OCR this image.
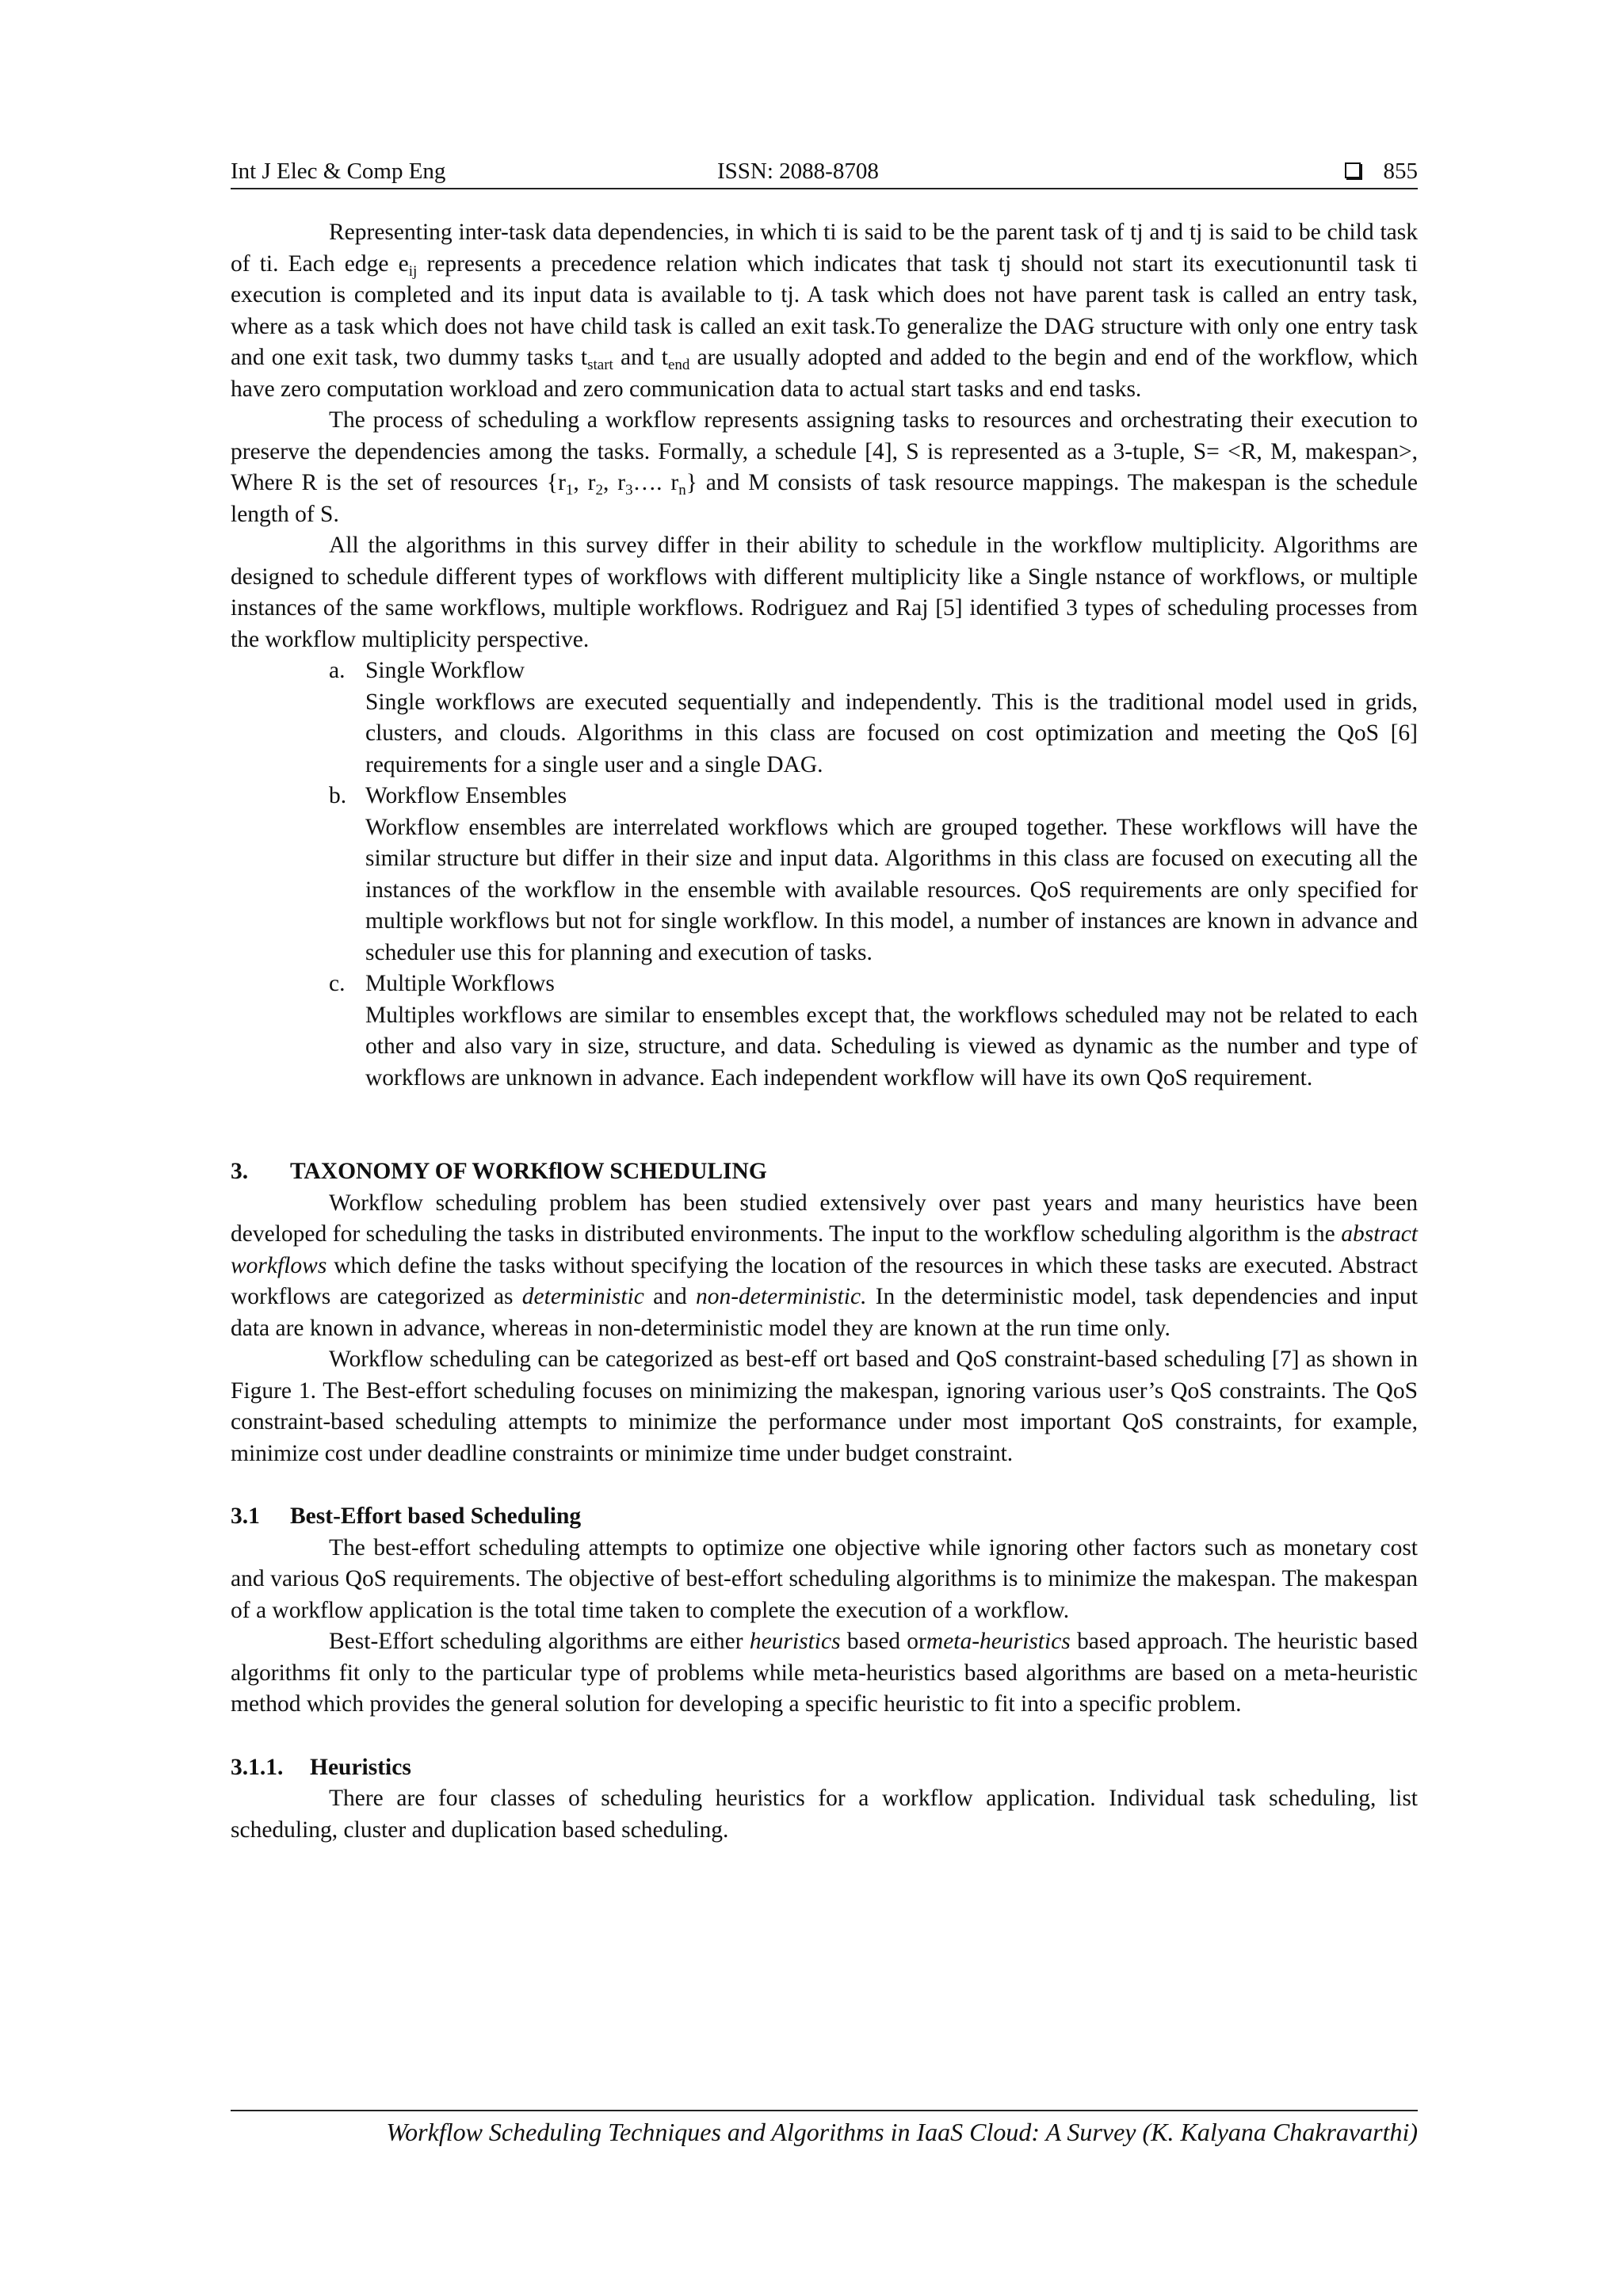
Int J Elec & Comp Eng	ISSN: 2088-8708	855

Representing inter-task data dependencies, in which ti is said to be the parent task of tj and tj is said to be child task of ti. Each edge $e_{ij}$ represents a precedence relation which indicates that task tj should not start its executionuntil task ti execution is completed and its input data is available to tj. A task which does not have parent task is called an entry task, where as a task which does not have child task is called an exit task.To generalize the DAG structure with only one entry task and one exit task, two dummy tasks $t_{start}$ and $t_{end}$ are usually adopted and added to the begin and end of the workflow, which have zero computation workload and zero communication data to actual start tasks and end tasks.

The process of scheduling a workflow represents assigning tasks to resources and orchestrating their execution to preserve the dependencies among the tasks. Formally, a schedule [4], S is represented as a 3-tuple, S= <R, M, makespan>, Where R is the set of resources {$r_1$, $r_2$, $r_3\dots$. $r_n$} and M consists of task resource mappings. The makespan is the schedule length of S.

All the algorithms in this survey differ in their ability to schedule in the workflow multiplicity. Algorithms are designed to schedule different types of workflows with different multiplicity like a Single nstance of workflows, or multiple instances of the same workflows, multiple workflows. Rodriguez and Raj [5] identified 3 types of scheduling processes from the workflow multiplicity perspective.

a. Single Workflow

Single workflows are executed sequentially and independently. This is the traditional model used in grids, clusters, and clouds. Algorithms in this class are focused on cost optimization and meeting the QoS [6] requirements for a single user and a single DAG.

b. Workflow Ensembles

Workflow ensembles are interrelated workflows which are grouped together. These workflows will have the similar structure but differ in their size and input data. Algorithms in this class are focused on executing all the instances of the workflow in the ensemble with available resources. QoS requirements are only specified for multiple workflows but not for single workflow. In this model, a number of instances are known in advance and scheduler use this for planning and execution of tasks.

c. Multiple Workflows

Multiples workflows are similar to ensembles except that, the workflows scheduled may not be related to each other and also vary in size, structure, and data. Scheduling is viewed as dynamic as the number and type of workflows are unknown in advance. Each independent workflow will have its own QoS requirement.

3. TAXONOMY OF WORKflOW SCHEDULING

Workflow scheduling problem has been studied extensively over past years and many heuristics have been developed for scheduling the tasks in distributed environments. The input to the workflow scheduling algorithm is the abstract workflows which define the tasks without specifying the location of the resources in which these tasks are executed. Abstract workflows are categorized as deterministic and non-deterministic. In the deterministic model, task dependencies and input data are known in advance, whereas in non-deterministic model they are known at the run time only.

Workflow scheduling can be categorized as best-eff ort based and QoS constraint-based scheduling [7] as shown in Figure 1. The Best-effort scheduling focuses on minimizing the makespan, ignoring various user’s QoS constraints. The QoS constraint-based scheduling attempts to minimize the performance under most important QoS constraints, for example, minimize cost under deadline constraints or minimize time under budget constraint.

3.1 Best-Effort based Scheduling

The best-effort scheduling attempts to optimize one objective while ignoring other factors such as monetary cost and various QoS requirements. The objective of best-effort scheduling algorithms is to minimize the makespan. The makespan of a workflow application is the total time taken to complete the execution of a workflow.

Best-Effort scheduling algorithms are either heuristics based ormeta-heuristics based approach. The heuristic based algorithms fit only to the particular type of problems while meta-heuristics based algorithms are based on a meta-heuristic method which provides the general solution for developing a specific heuristic to fit into a specific problem.

3.1.1. Heuristics

There are four classes of scheduling heuristics for a workflow application. Individual task scheduling, list scheduling, cluster and duplication based scheduling.

Workflow Scheduling Techniques and Algorithms in IaaS Cloud: A Survey (K. Kalyana Chakravarthi)
